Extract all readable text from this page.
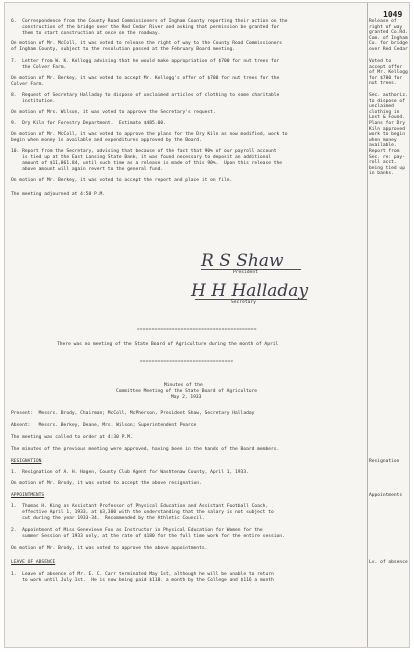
1049
6.  Correspondence from the County Road Commissioners of Ingham County reporting their action on the
construction of the bridge over the Red Cedar River and asking that permission be granted for
them to start construction at once on the roadway.
On motion of Mr. McColl, it was voted to release the right of way to the County Road Commissioners
of Ingham County, subject to the resolution passed at the February Board meeting.
7.  Letter from W. K. Kellogg advising that he would make appropriation of $700 for nut trees for
the Colver Farm.
On motion of Mr. Berkey, it was voted to accept Mr. Kellogg's offer of $700 for nut trees for the
Colver Farm.
8.  Request of Secretary Halladay to dispose of unclaimed articles of clothing to some charitable
institution.
On motion of Mrs. Wilson, it was voted to approve the Secretary's request.
9.  Dry Kiln for Forestry Department.  Estimate $485.00.
On motion of Mr. McColl, it was voted to approve the plans for the Dry Kiln as now modified, work to
begin when money is available and expenditures approved by the Board.
10. Report from the Secretary, advising that because of the fact that 90% of our payroll account
is tied up at the East Lansing State Bank, it was found necessary to deposit an additional
amount of $11,861.84, until such time as a release is made of this 90%.  Upon this release the
above amount will again revert to the general fund.
On motion of Mr. Berkey, it was voted to accept the report and place it on file.
The meeting adjourned at 4:50 P.M.
R S Shaw
President
H H Halladay
Secretary
=========================================
There was no meeting of the State Board of Agriculture during the month of April
================================
Minutes of the
Committee Meeting of the State Board of Agriculture
May 2, 1933
Present:  Messrs. Brody, Chairman; McColl, McPherson, President Shaw, Secretary Halladay
Absent:   Messrs. Berkey, Deane, Mrs. Wilson; Superintendent Pearce
The meeting was called to order at 4:30 P.M.
The minutes of the previous meeting were approved, having been in the hands of the Board members.
RESIGNATION
1.  Resignation of A. H. Hagen, County Club Agent for Washtenaw County, April 1, 1933.
On motion of Mr. Brody, it was voted to accept the above resignation.
APPOINTMENTS
1.  Thomas H. King as Assistant Professor of Physical Education and Assistant Football Coach,
effective April 1, 1933, at $3,300 with the understanding that the salary is not subject to
cut during the year 1933-34.  Recommended by the Athletic Council.
2.  Appointment of Miss Genevieve Fox as Instructor in Physical Education for Women for the
summer Session of 1933 only, at the rate of $180 for the full time work for the entire session.
On motion of Mr. Brody, it was voted to approve the above appointments.
LEAVE OF ABSENCE
1.  Leave of absence of Mr. E. C. Carr terminated May 1st, although he will be unable to return
to work until July 1st.  He is now being paid $110. a month by the College and $116 a month
Release of
right of way
granted Co.Rd.
Com. of Ingham
Co. for bridge
over Red Cedar
Voted to
accept offer
of Mr. Kellogg
for $700 for
nut trees.
Sec. authoriz.
to dispose of
unclaimed
clothing in
Lost & Found.
Plans for Dry
Kiln approved
work to begin
when money
available.
Report from
Sec. re: pay-
roll acct.
being tied up
in banks.
Resignation
Appointments
Lv. of absence
